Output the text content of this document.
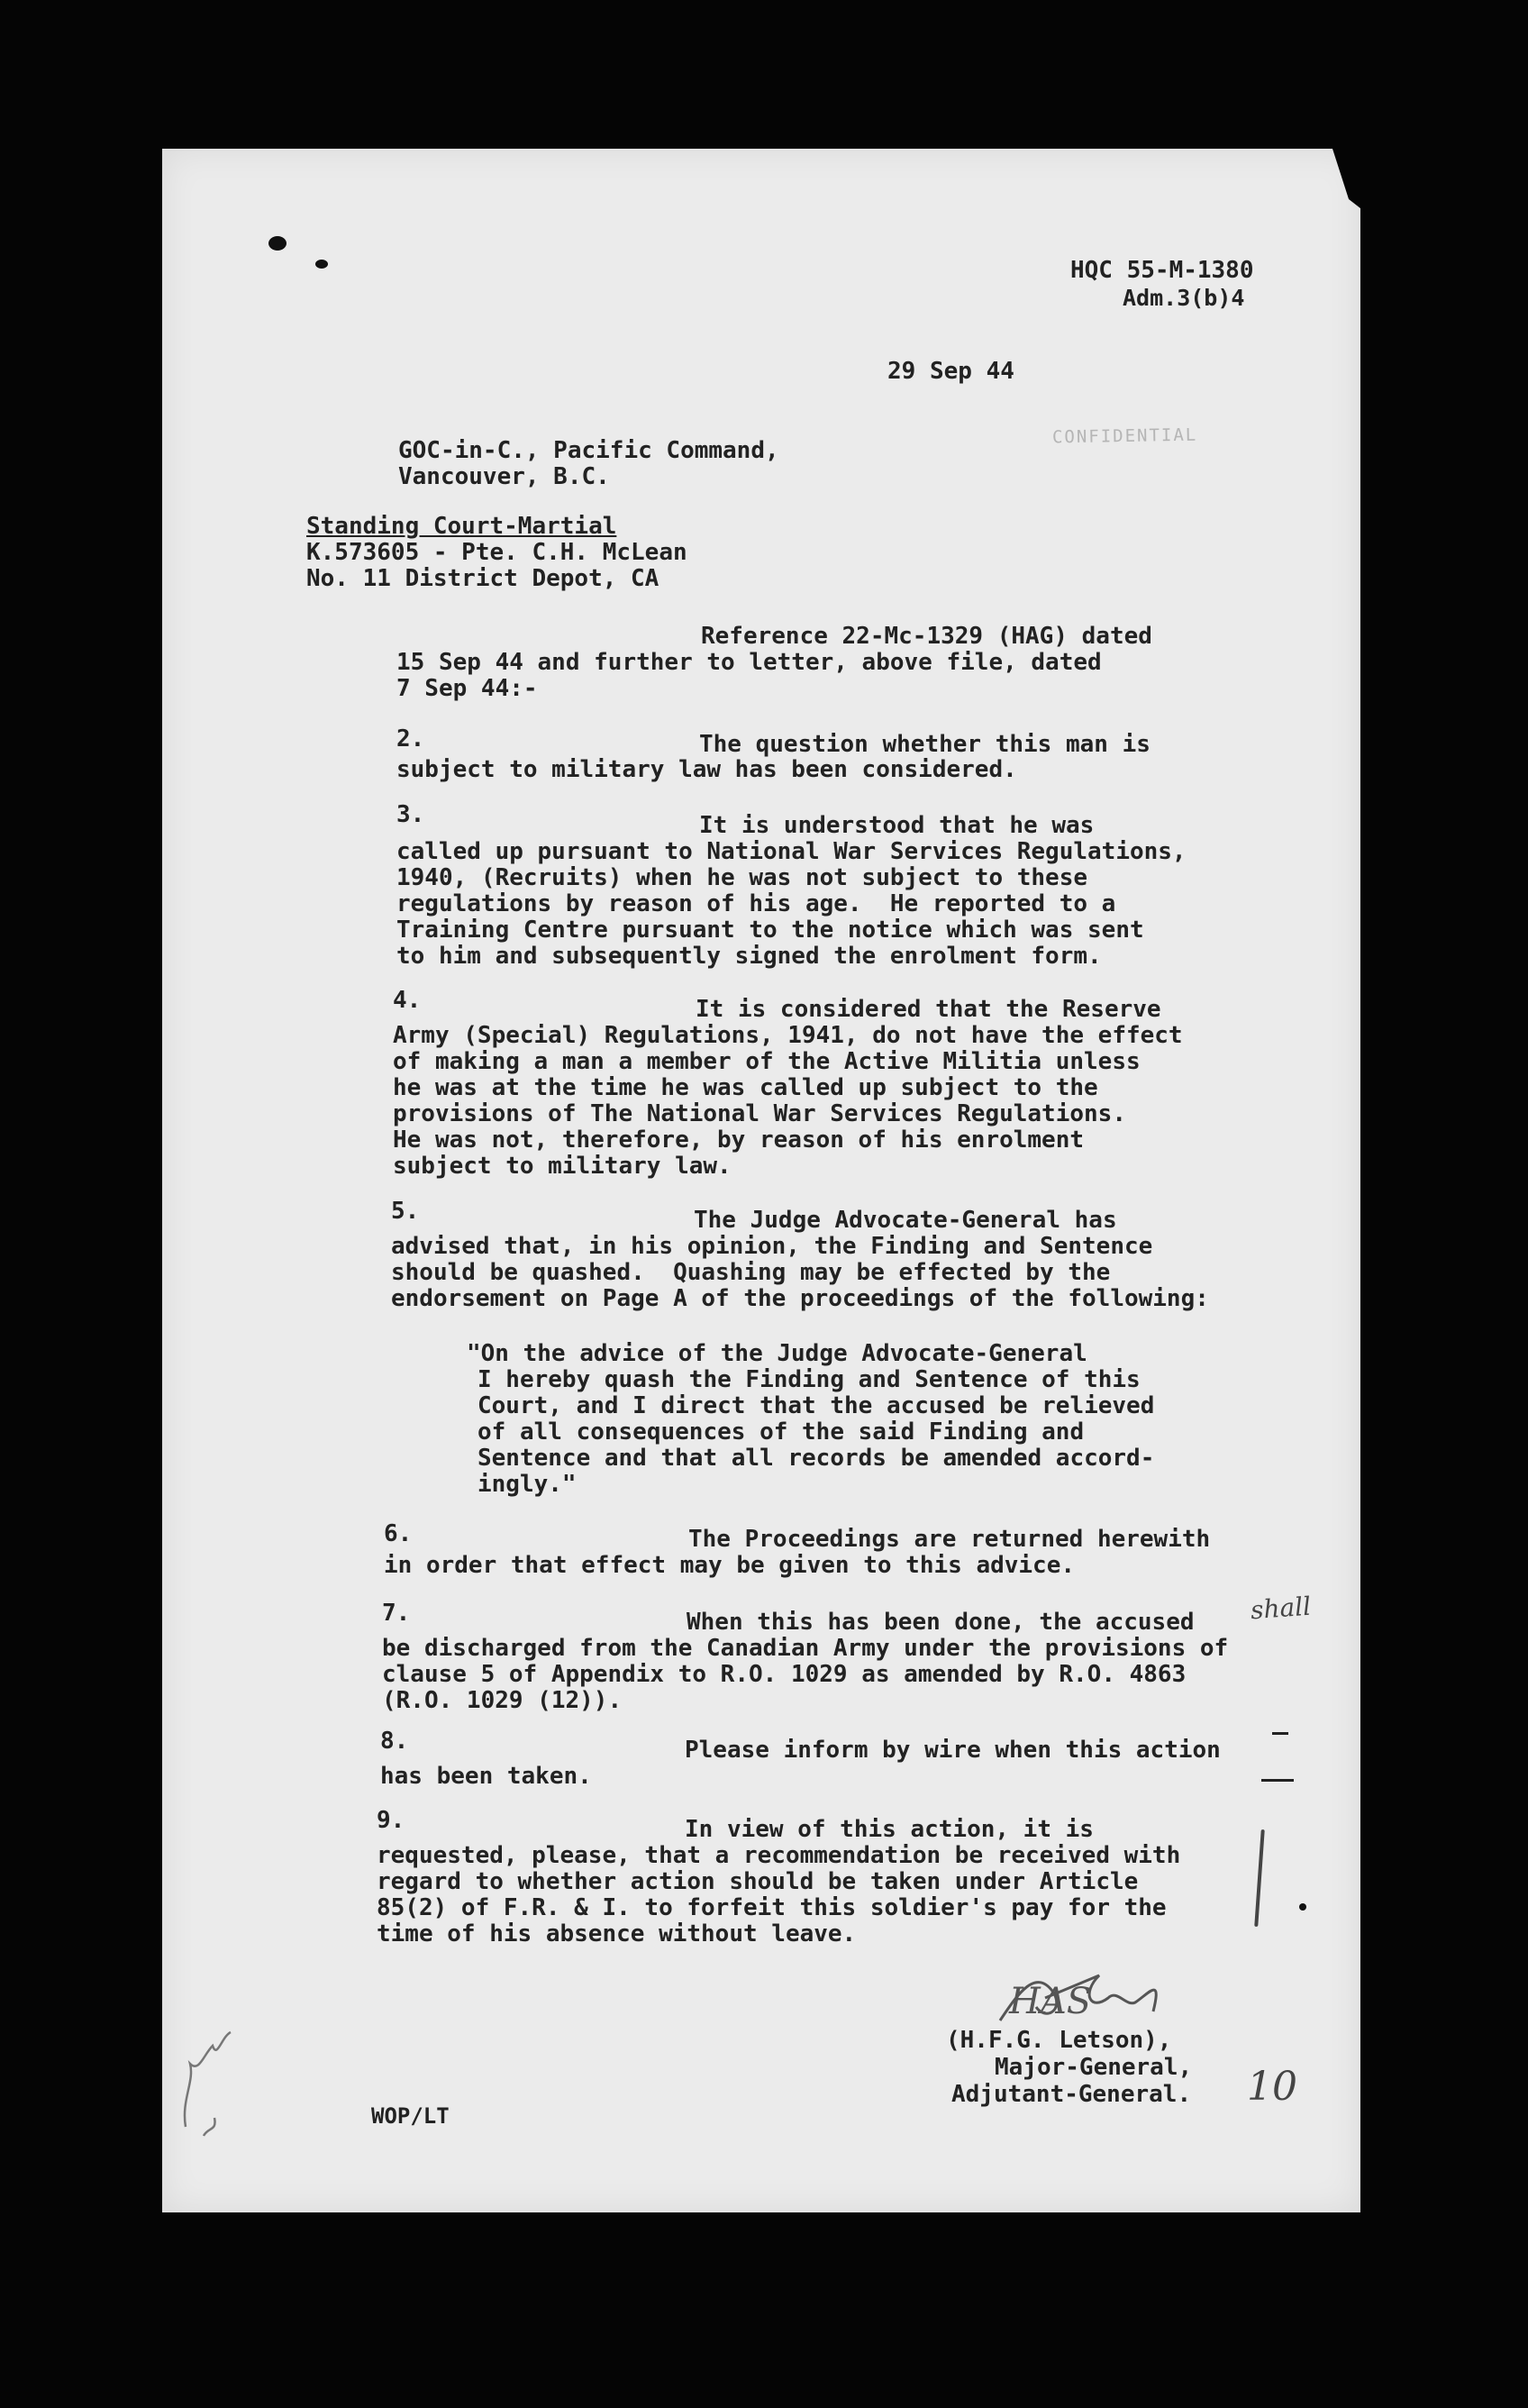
HQC 55-M-1380
Adm.3(b)4
29 Sep 44
CONFIDENTIAL
GOC-in-C., Pacific Command,
Vancouver, B.C.
Standing Court-Martial
K.573605 - Pte. C.H. McLean
No. 11 District Depot, CA
Reference 22-Mc-1329 (HAG) dated
15 Sep 44 and further to letter, above file, dated
7 Sep 44:-
2.	The question whether this man is
subject to military law has been considered.
3.	It is understood that he was
called up pursuant to National War Services Regulations,
1940, (Recruits) when he was not subject to these
regulations by reason of his age.  He reported to a
Training Centre pursuant to the notice which was sent
to him and subsequently signed the enrolment form.
4.	It is considered that the Reserve
Army (Special) Regulations, 1941, do not have the effect
of making a man a member of the Active Militia unless
he was at the time he was called up subject to the
provisions of The National War Services Regulations.
He was not, therefore, by reason of his enrolment
subject to military law.
5.	The Judge Advocate-General has
advised that, in his opinion, the Finding and Sentence
should be quashed.  Quashing may be effected by the
endorsement on Page A of the proceedings of the following:
"On the advice of the Judge Advocate-General
I hereby quash the Finding and Sentence of this
Court, and I direct that the accused be relieved
of all consequences of the said Finding and
Sentence and that all records be amended accord-
ingly."
6.	The Proceedings are returned herewith
in order that effect may be given to this advice.
7.	When this has been done, the accused
be discharged from the Canadian Army under the provisions of
clause 5 of Appendix to R.O. 1029 as amended by R.O. 4863
(R.O. 1029 (12)).
shall
8.	Please inform by wire when this action
has been taken.
9.	In view of this action, it is
requested, please, that a recommendation be received with
regard to whether action should be taken under Article
85(2) of F.R. & I. to forfeit this soldier's pay for the
time of his absence without leave.
HAS
(H.F.G. Letson),
Major-General,
Adjutant-General. 10
WOP/LT
